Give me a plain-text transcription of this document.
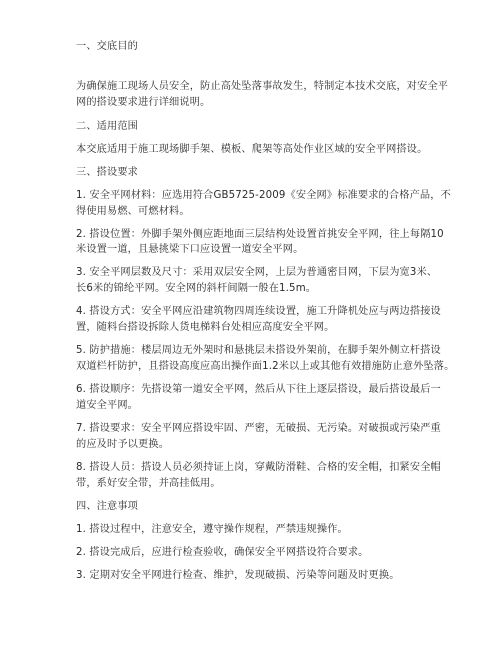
一、交底目的
为确保施工现场人员安全，防止高处坠落事故发生，特制定本技术交底，对安全平
网的搭设要求进行详细说明。
二、适用范围
本交底适用于施工现场脚手架、模板、爬架等高处作业区域的安全平网搭设。
三、搭设要求
1. 安全平网材料：应选用符合GB5725-2009《安全网》标准要求的合格产品，不
得使用易燃、可燃材料。
2. 搭设位置：外脚手架外侧应距地面三层结构处设置首挑安全平网，往上每隔10
米设置一道，且悬挑梁下口应设置一道安全平网。
3. 安全平网层数及尺寸：采用双层安全网，上层为普通密目网，下层为宽3米、
长6米的锦纶平网。安全网的斜杆间隔一般在1.5m。
4. 搭设方式：安全平网应沿建筑物四周连续设置，施工升降机处应与两边搭接设
置，随料台搭设拆除人货电梯料台处相应高度安全平网。
5. 防护措施：楼层周边无外架时和悬挑层未搭设外架前，在脚手架外侧立杆搭设
双道栏杆防护，且搭设高度应高出操作面1.2米以上或其他有效措施防止意外坠落。
6. 搭设顺序：先搭设第一道安全平网，然后从下往上逐层搭设，最后搭设最后一
道安全平网。
7. 搭设要求：安全平网应搭设牢固、严密，无破损、无污染。对破损或污染严重
的应及时予以更换。
8. 搭设人员：搭设人员必须持证上岗，穿戴防滑鞋、合格的安全帽，扣紧安全帽
带，系好安全带，并高挂低用。
四、注意事项
1. 搭设过程中，注意安全，遵守操作规程，严禁违规操作。
2. 搭设完成后，应进行检查验收，确保安全平网搭设符合要求。
3. 定期对安全平网进行检查、维护，发现破损、污染等问题及时更换。
